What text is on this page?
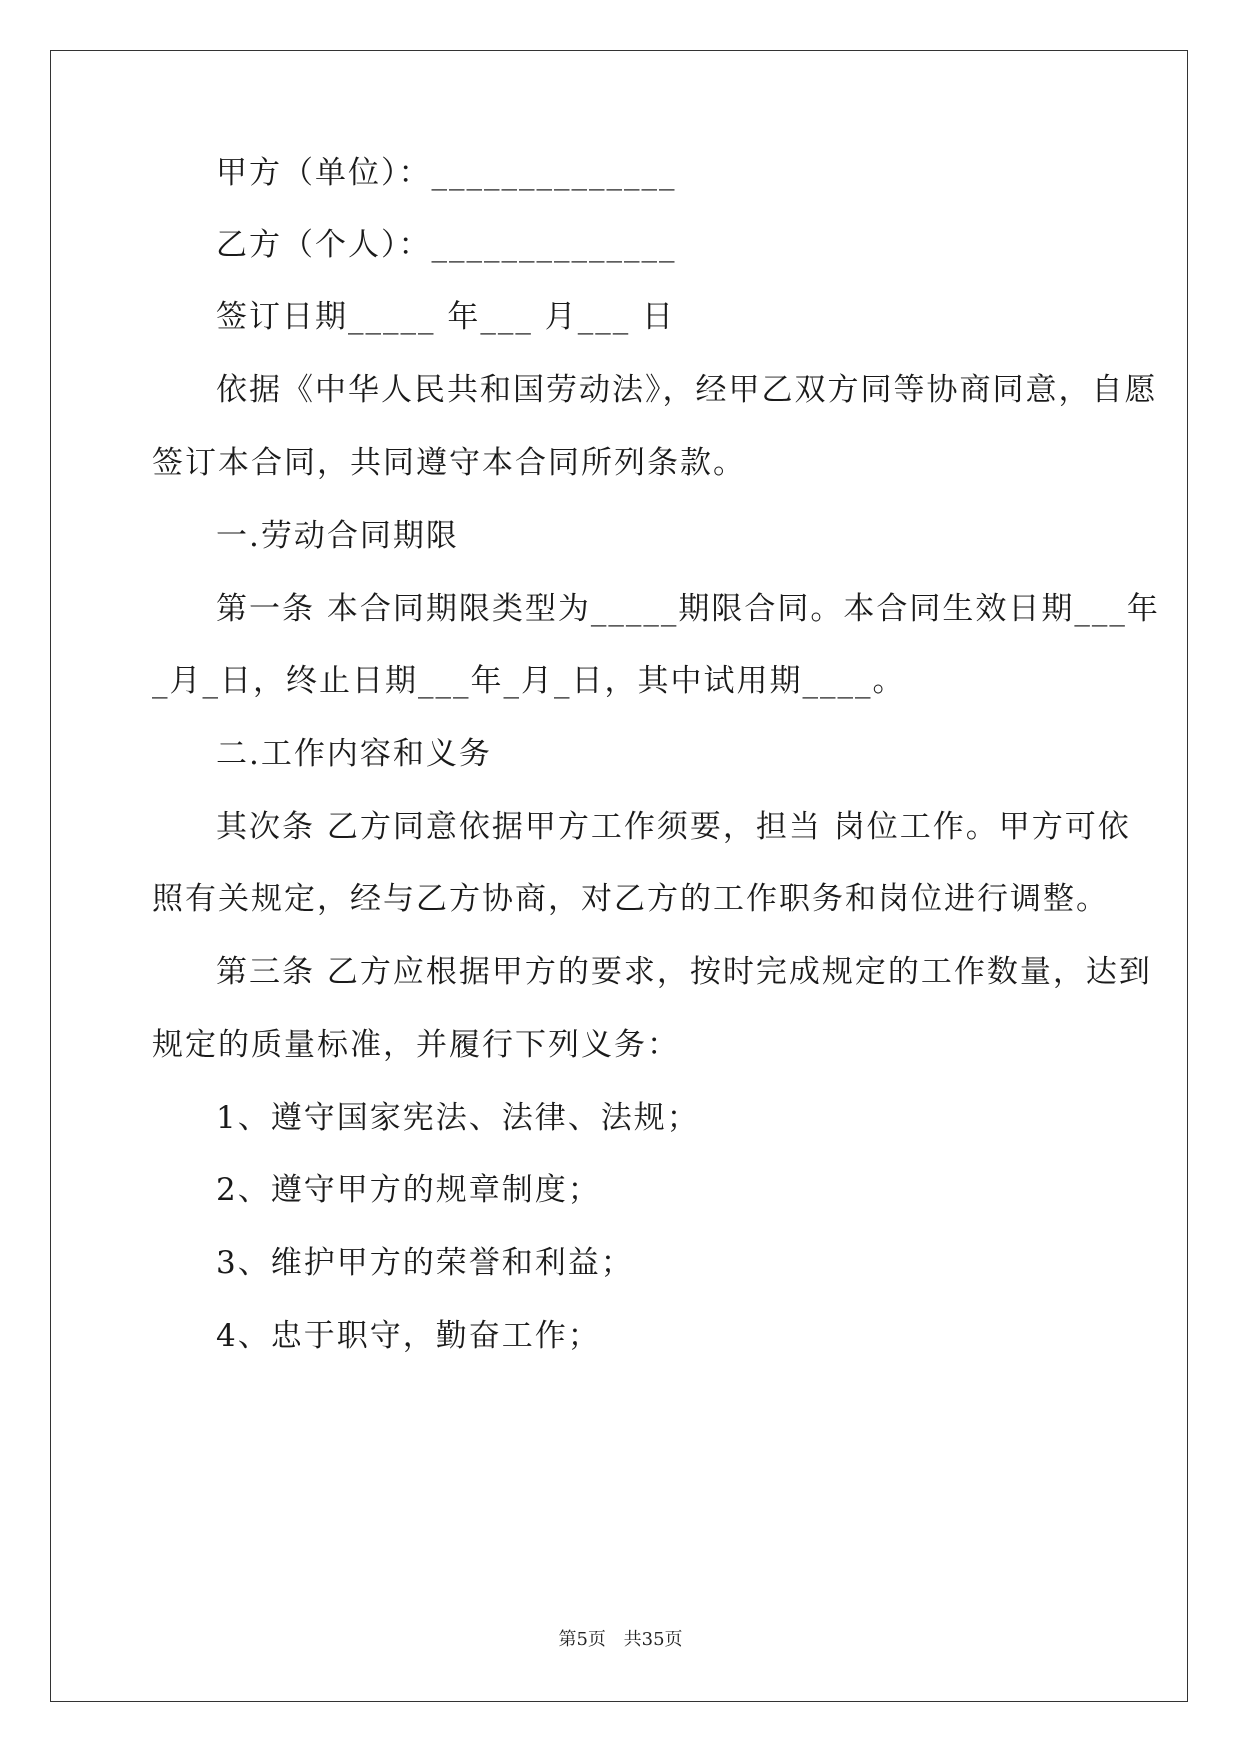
甲方（单位）：______________
乙方（个人）：______________
签订日期_____ 年___ 月___ 日
依据《中华人民共和国劳动法》，经甲乙双方同等协商同意，自愿
签订本合同，共同遵守本合同所列条款。
一.劳动合同期限
第一条 本合同期限类型为_____期限合同。本合同生效日期___年
_月_日，终止日期___年_月_日，其中试用期____。
二.工作内容和义务
其次条 乙方同意依据甲方工作须要，担当 岗位工作。甲方可依
照有关规定，经与乙方协商，对乙方的工作职务和岗位进行调整。
第三条 乙方应根据甲方的要求，按时完成规定的工作数量，达到
规定的质量标准，并履行下列义务：
1、遵守国家宪法、法律、法规；
2、遵守甲方的规章制度；
3、维护甲方的荣誉和利益；
4、忠于职守，勤奋工作；
第5页 共35页
